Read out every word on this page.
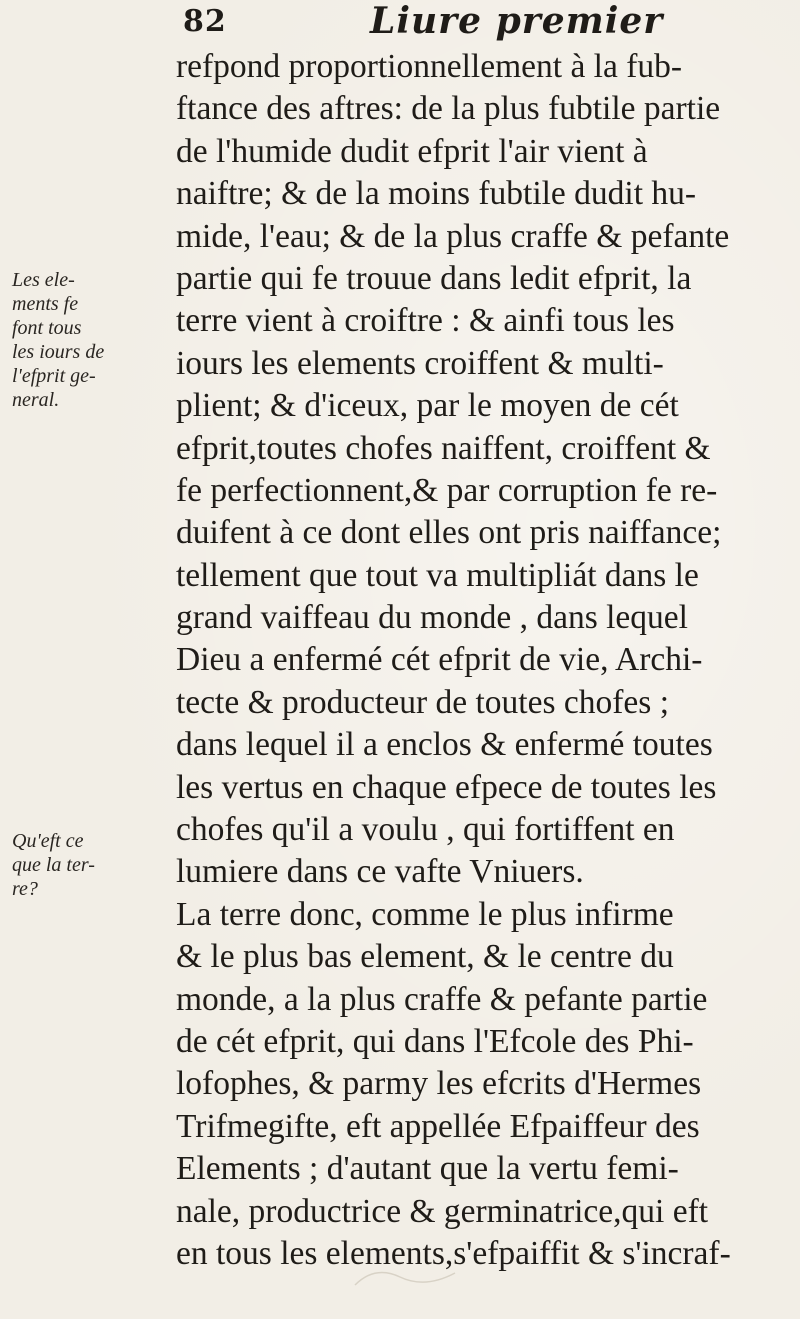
82	Liure premier
refpond proportionnellement à la fub-
ftance des aftres: de la plus fubtile partie
de l'humide dudit efprit l'air vient à
naiftre; & de la moins fubtile dudit hu-
mide, l'eau; & de la plus craffe & pefante
partie qui fe trouue dans ledit efprit, la
terre vient à croiftre : & ainfi tous les
iours les elements croiffent & multi-
plient; & d'iceux, par le moyen de cét
efprit,toutes chofes naiffent, croiffent &
fe perfectionnent,& par corruption fe re-
duifent à ce dont elles ont pris naiffance;
tellement que tout va multipliát dans le
grand vaiffeau du monde , dans lequel
Dieu a enfermé cét efprit de vie, Archi-
tecte & producteur de toutes chofes ;
dans lequel il a enclos & enfermé toutes
les vertus en chaque efpece de toutes les
chofes qu'il a voulu , qui fortiffent en
lumiere dans ce vafte Vniuers.
La terre donc, comme le plus infirme
& le plus bas element, & le centre du
monde, a la plus craffe & pefante partie
de cét efprit, qui dans l'Efcole des Phi-
lofophes, & parmy les efcrits d'Hermes
Trifmegifte, eft appellée Efpaiffeur des
Elements ; d'autant que la vertu femi-
nale, productrice & germinatrice,qui eft
en tous les elements,s'efpaiffit & s'incraf-
Les ele-
ments fe
font tous
les iours de
l'efprit ge-
neral.
Qu'eft ce
que la ter-
re?
